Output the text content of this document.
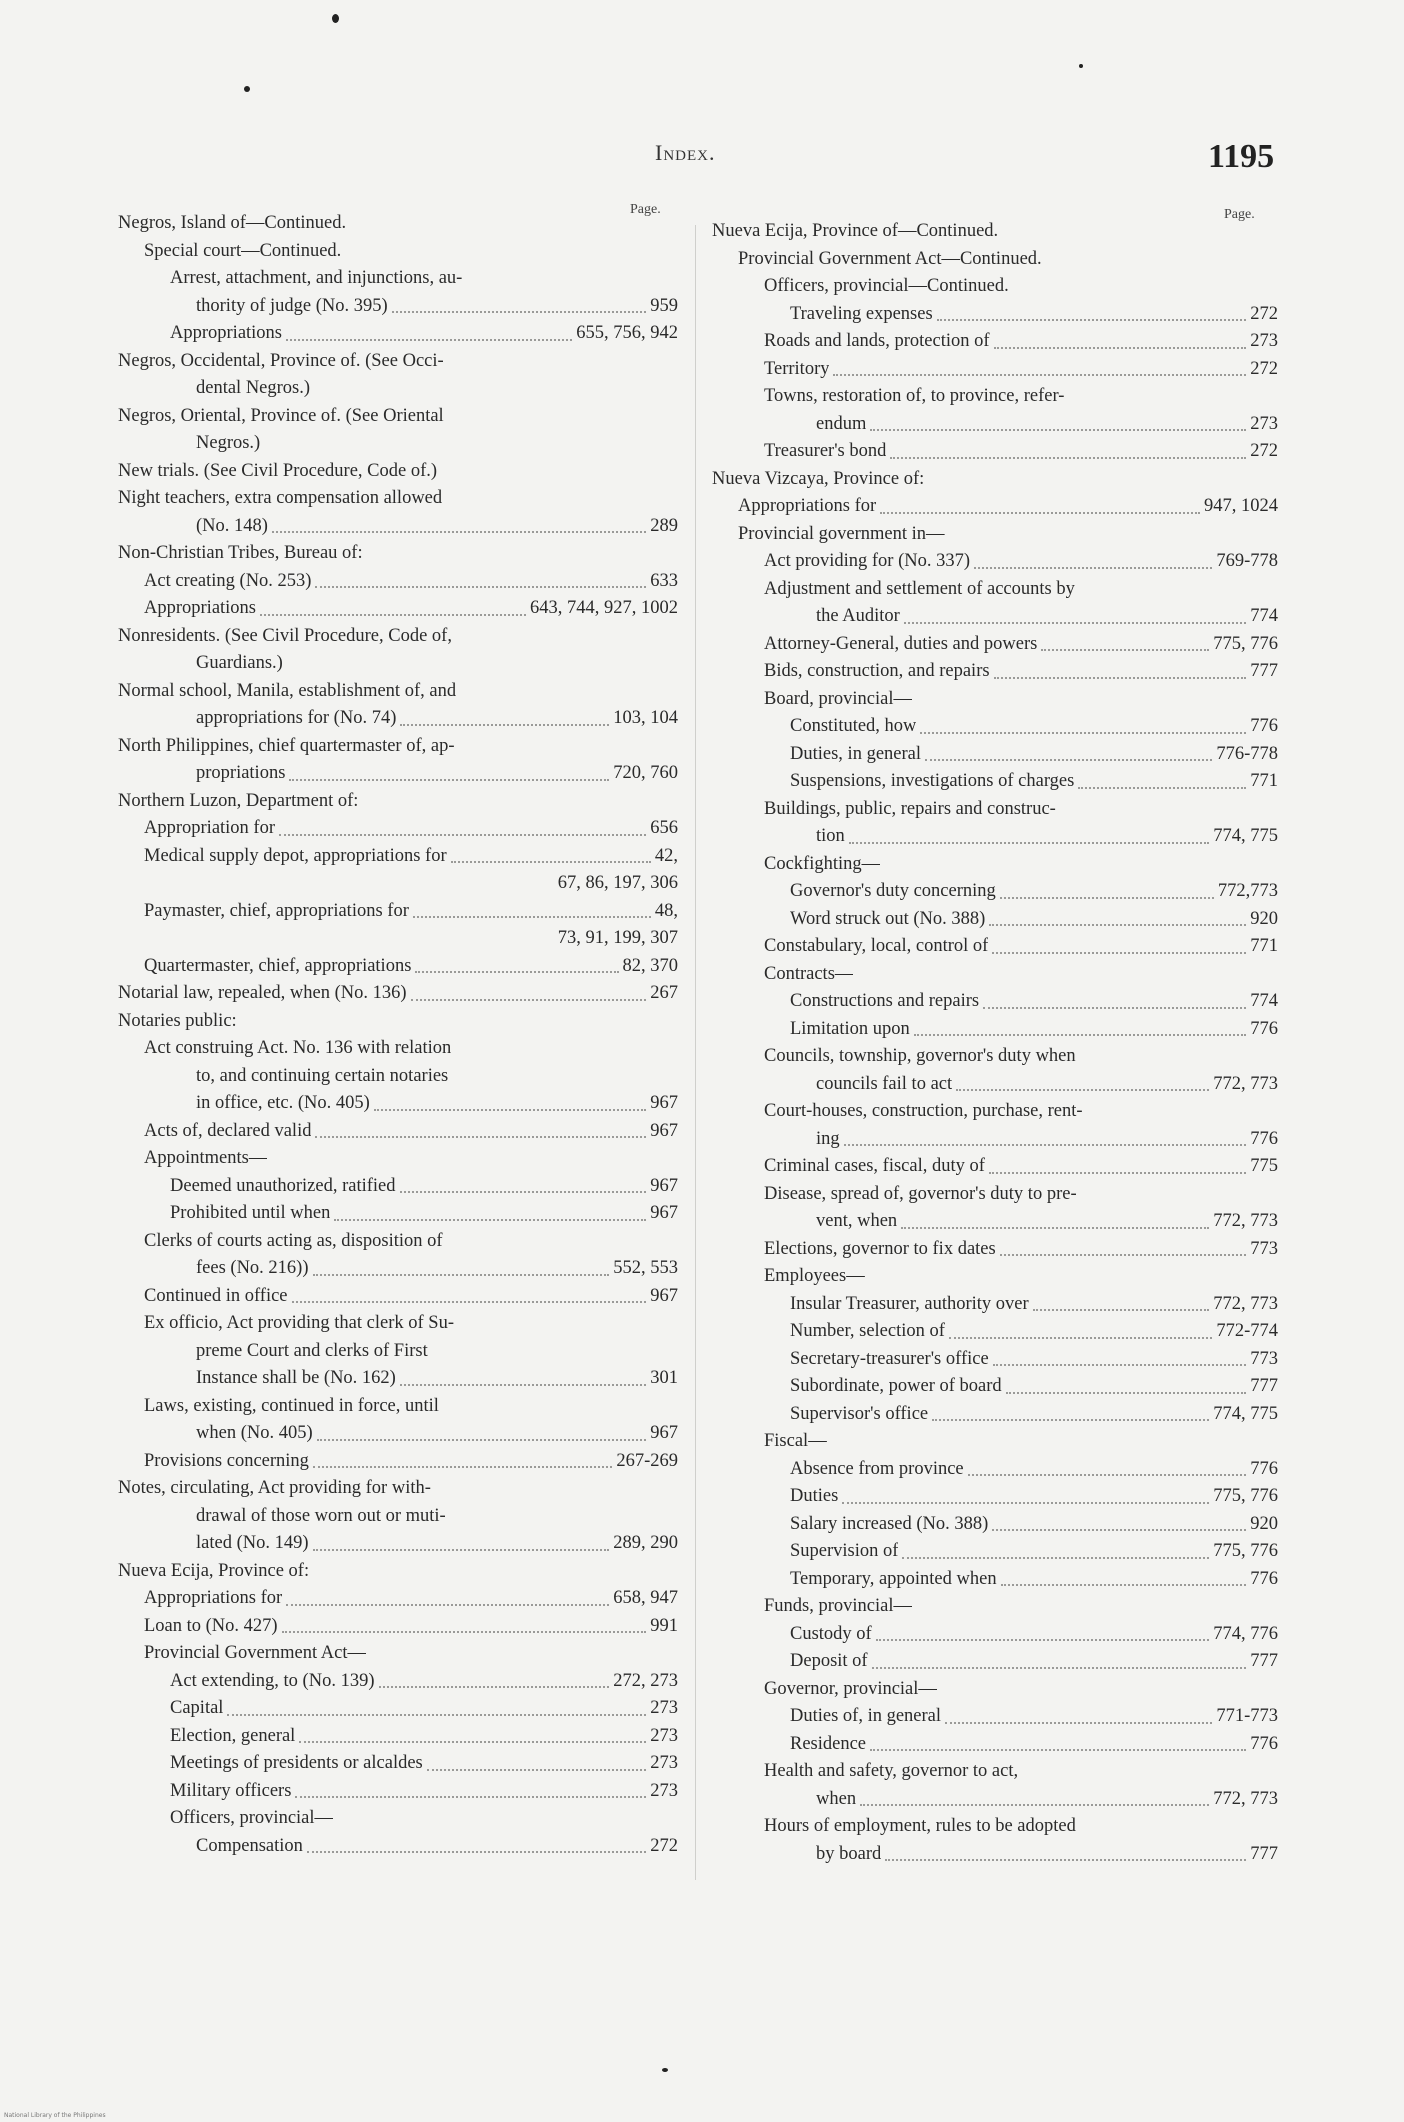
Index.	1195
Page.	Page.
Negros, Island of—Continued.
Special court—Continued.
Arrest, attachment, and injunctions, au-
thority of judge (No. 395)	959
Appropriations	655, 756, 942
Negros, Occidental, Province of. (See Occi-
dental Negros.)
Negros, Oriental, Province of. (See Oriental
Negros.)
New trials. (See Civil Procedure, Code of.)
Night teachers, extra compensation allowed
(No. 148)	289
Non-Christian Tribes, Bureau of:
Act creating (No. 253)	633
Appropriations	643, 744, 927, 1002
Nonresidents. (See Civil Procedure, Code of,
Guardians.)
Normal school, Manila, establishment of, and
appropriations for (No. 74)	103, 104
North Philippines, chief quartermaster of, ap-
propriations	720, 760
Northern Luzon, Department of:
Appropriation for	656
Medical supply depot, appropriations for	42,
67, 86, 197, 306
Paymaster, chief, appropriations for	48,
73, 91, 199, 307
Quartermaster, chief, appropriations	82, 370
Notarial law, repealed, when (No. 136)	267
Notaries public:
Act construing Act. No. 136 with relation
to, and continuing certain notaries
in office, etc. (No. 405)	967
Acts of, declared valid	967
Appointments—
Deemed unauthorized, ratified	967
Prohibited until when	967
Clerks of courts acting as, disposition of
fees (No. 216))	552, 553
Continued in office	967
Ex officio, Act providing that clerk of Su-
preme Court and clerks of First
Instance shall be (No. 162)	301
Laws, existing, continued in force, until
when (No. 405)	967
Provisions concerning	267-269
Notes, circulating, Act providing for with-
drawal of those worn out or muti-
lated (No. 149)	289, 290
Nueva Ecija, Province of:
Appropriations for	658, 947
Loan to (No. 427)	991
Provincial Government Act—
Act extending, to (No. 139)	272, 273
Capital	273
Election, general	273
Meetings of presidents or alcaldes	273
Military officers	273
Officers, provincial—
Compensation	272
Nueva Ecija, Province of—Continued.
Provincial Government Act—Continued.
Officers, provincial—Continued.
Traveling expenses	272
Roads and lands, protection of	273
Territory	272
Towns, restoration of, to province, refer-
endum	273
Treasurer's bond	272
Nueva Vizcaya, Province of:
Appropriations for	947, 1024
Provincial government in—
Act providing for (No. 337)	769-778
Adjustment and settlement of accounts by
the Auditor	774
Attorney-General, duties and powers	775, 776
Bids, construction, and repairs	777
Board, provincial—
Constituted, how	776
Duties, in general	776-778
Suspensions, investigations of charges	771
Buildings, public, repairs and construc-
tion	774, 775
Cockfighting—
Governor's duty concerning	772,773
Word struck out (No. 388)	920
Constabulary, local, control of	771
Contracts—
Constructions and repairs	774
Limitation upon	776
Councils, township, governor's duty when
councils fail to act	772, 773
Court-houses, construction, purchase, rent-
ing	776
Criminal cases, fiscal, duty of	775
Disease, spread of, governor's duty to pre-
vent, when	772, 773
Elections, governor to fix dates	773
Employees—
Insular Treasurer, authority over	772, 773
Number, selection of	772-774
Secretary-treasurer's office	773
Subordinate, power of board	777
Supervisor's office	774, 775
Fiscal—
Absence from province	776
Duties	775, 776
Salary increased (No. 388)	920
Supervision of	775, 776
Temporary, appointed when	776
Funds, provincial—
Custody of	774, 776
Deposit of	777
Governor, provincial—
Duties of, in general	771-773
Residence	776
Health and safety, governor to act,
when	772, 773
Hours of employment, rules to be adopted
by board	777
National Library of the Philippines
